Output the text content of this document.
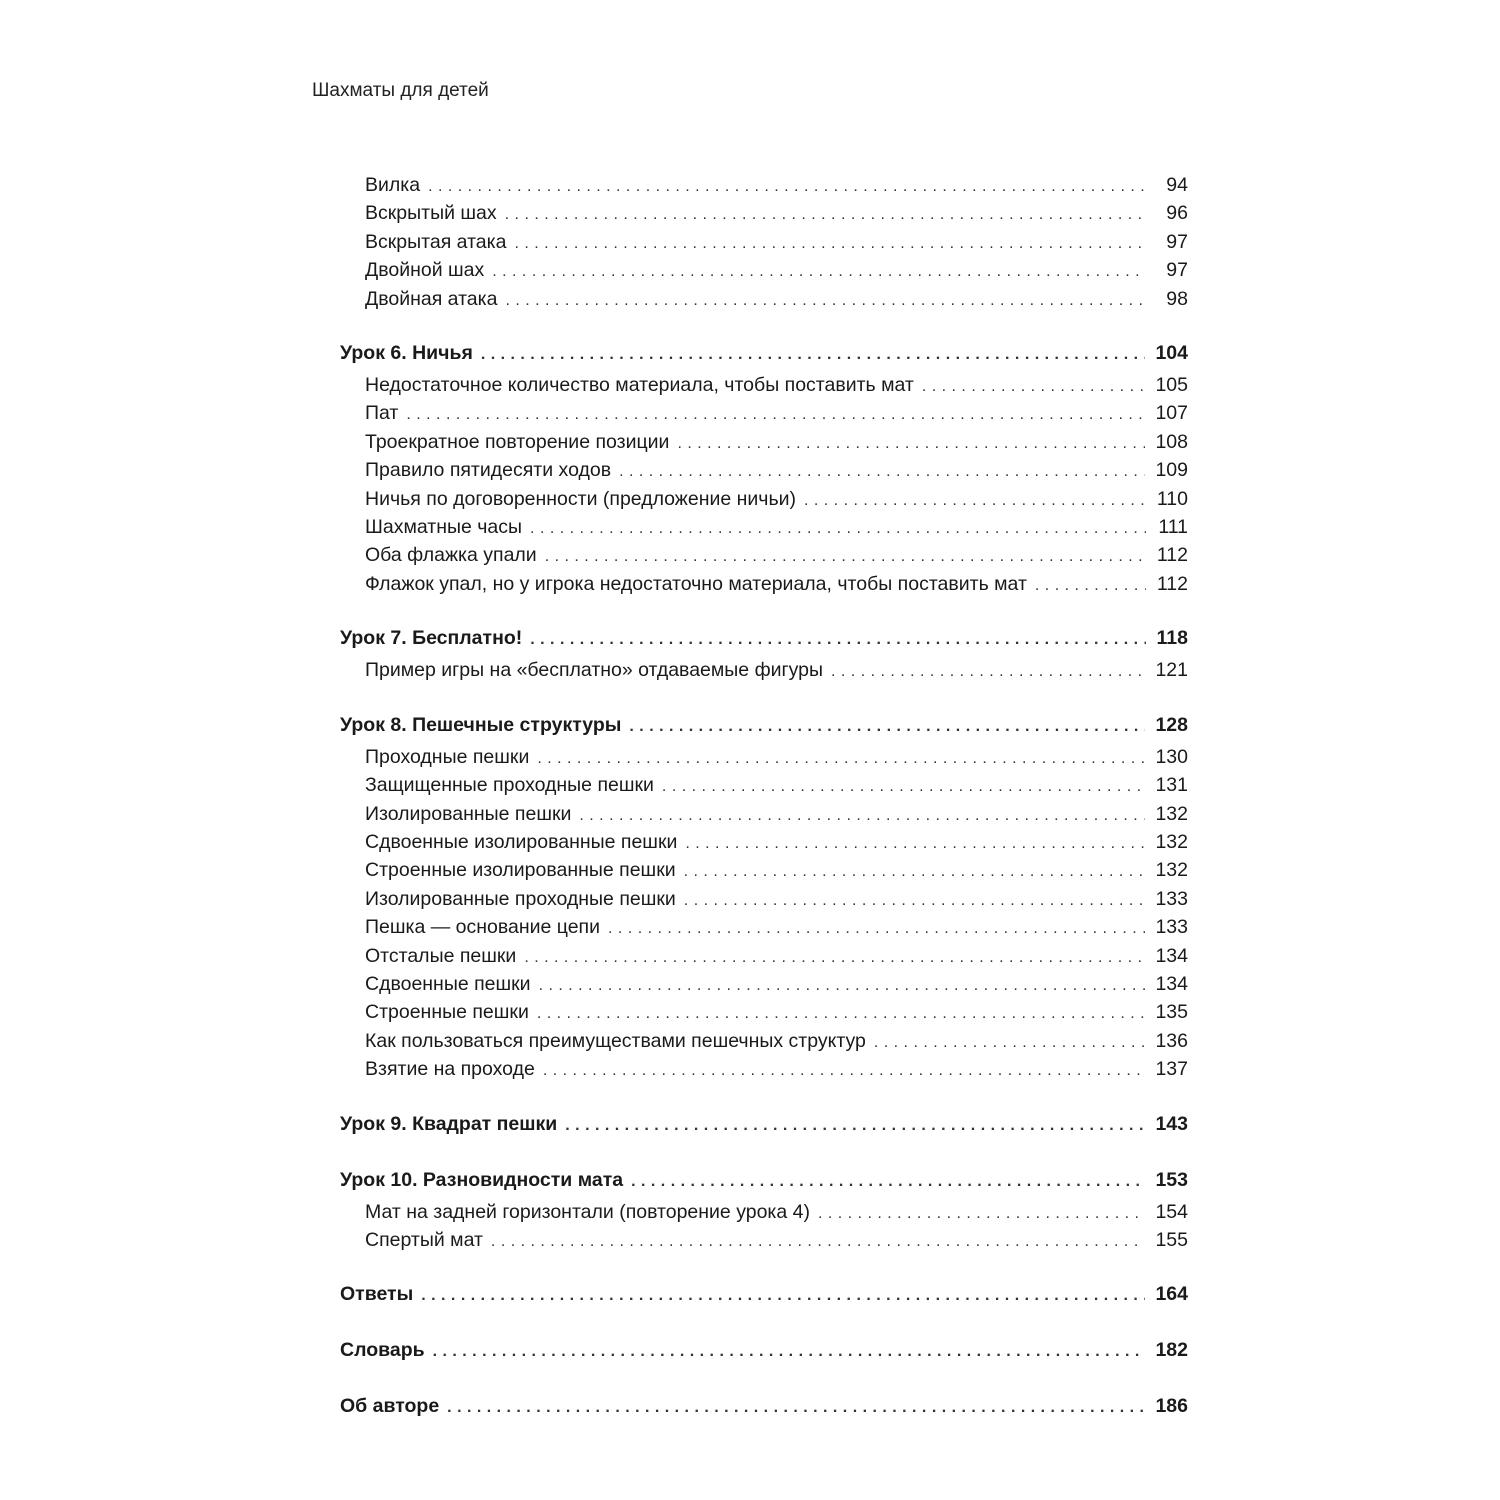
Шахматы для детей
Вилка . . .	94
Вскрытый шах . . .	96
Вскрытая атака . . .	97
Двойной шах . . .	97
Двойная атака . . .	98
Урок 6. Ничья . . .	104
Недостаточное количество материала, чтобы поставить мат . . .	105
Пат . . .	107
Троекратное повторение позиции . . .	108
Правило пятидесяти ходов . . .	109
Ничья по договоренности (предложение ничьи) . . .	110
Шахматные часы . . .	111
Оба флажка упали . . .	112
Флажок упал, но у игрока недостаточно материала, чтобы поставить мат . . .	112
Урок 7. Бесплатно! . . .	118
Пример игры на «бесплатно» отдаваемые фигуры . . .	121
Урок 8. Пешечные структуры . . .	128
Проходные пешки . . .	130
Защищенные проходные пешки . . .	131
Изолированные пешки . . .	132
Сдвоенные изолированные пешки . . .	132
Строенные изолированные пешки . . .	132
Изолированные проходные пешки . . .	133
Пешка — основание цепи . . .	133
Отсталые пешки . . .	134
Сдвоенные пешки . . .	134
Строенные пешки . . .	135
Как пользоваться преимуществами пешечных структур . . .	136
Взятие на проходе . . .	137
Урок 9. Квадрат пешки . . .	143
Урок 10. Разновидности мата . . .	153
Мат на задней горизонтали (повторение урока 4) . . .	154
Спертый мат . . .	155
Ответы . . .	164
Словарь . . .	182
Об авторе . . .	186
